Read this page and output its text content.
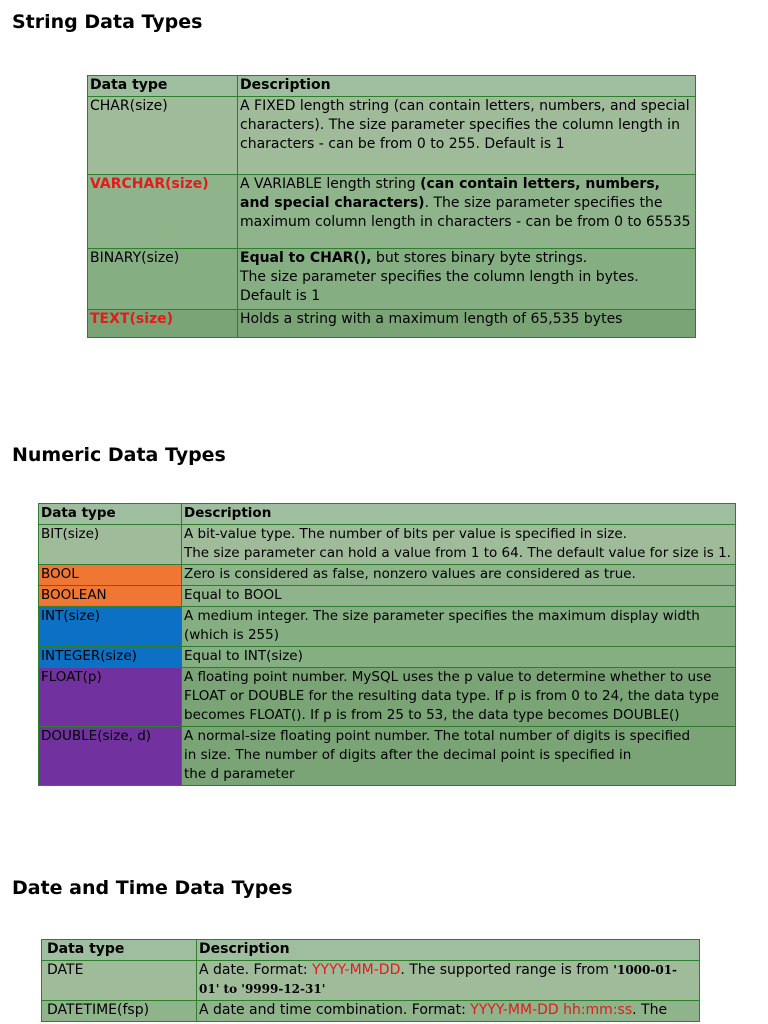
String Data Types
Data type	Description
CHAR(size)	A FIXED length string (can contain letters, numbers, and special characters). The size parameter specifies the column length in characters - can be from 0 to 255. Default is 1
VARCHAR(size)	A VARIABLE length string (can contain letters, numbers, and special characters). The size parameter specifies the maximum column length in characters - can be from 0 to 65535
BINARY(size)	Equal to CHAR(), but stores binary byte strings.
The size parameter specifies the column length in bytes. Default is 1
TEXT(size)	Holds a string with a maximum length of 65,535 bytes
Numeric Data Types
Data type	Description
BIT(size)	A bit-value type. The number of bits per value is specified in size.
The size parameter can hold a value from 1 to 64. The default value for size is 1.
BOOL	Zero is considered as false, nonzero values are considered as true.
BOOLEAN	Equal to BOOL
INT(size)	A medium integer. The size parameter specifies the maximum display width (which is 255)
INTEGER(size)	Equal to INT(size)
FLOAT(p)	A floating point number. MySQL uses the p value to determine whether to use FLOAT or DOUBLE for the resulting data type. If p is from 0 to 24, the data type becomes FLOAT(). If p is from 25 to 53, the data type becomes DOUBLE()
DOUBLE(size, d)	A normal-size floating point number. The total number of digits is specified
in size. The number of digits after the decimal point is specified in
the d parameter
Date and Time Data Types
Data type	Description
DATE	A date. Format: YYYY-MM-DD. The supported range is from '1000-01-01' to '9999-12-31'
DATETIME(fsp)	A date and time combination. Format: YYYY-MM-DD hh:mm:ss. The
